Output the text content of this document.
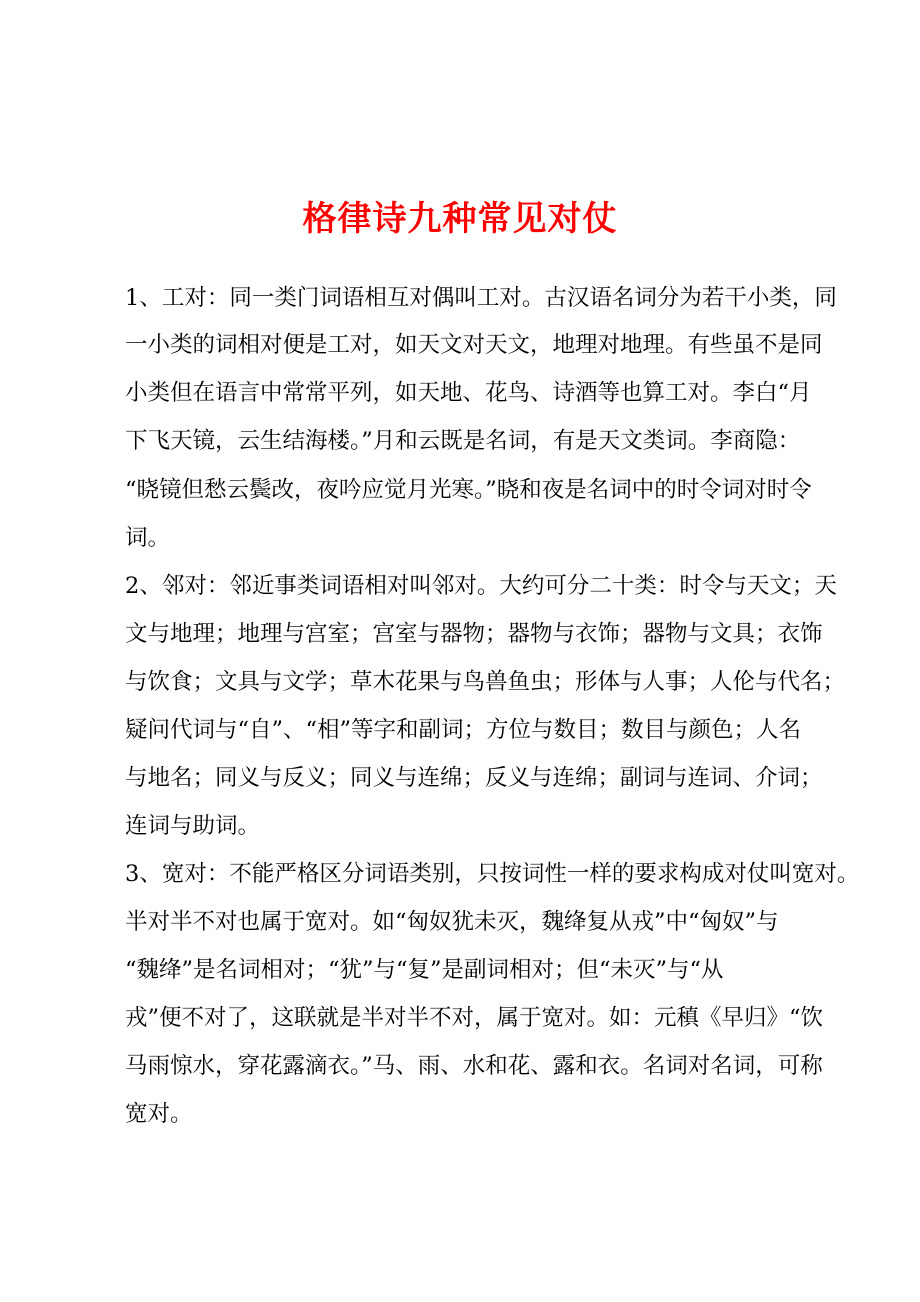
格律诗九种常见对仗
1、工对：同一类门词语相互对偶叫工对。古汉语名词分为若干小类，同
一小类的词相对便是工对，如天文对天文，地理对地理。有些虽不是同
小类但在语言中常常平列，如天地、花鸟、诗酒等也算工对。李白“月
下飞天镜，云生结海楼。”月和云既是名词，有是天文类词。李商隐：
“晓镜但愁云鬓改，夜吟应觉月光寒。”晓和夜是名词中的时令词对时令
词。
2、邻对：邻近事类词语相对叫邻对。大约可分二十类：时令与天文；天
文与地理；地理与宫室；宫室与器物；器物与衣饰；器物与文具；衣饰
与饮食；文具与文学；草木花果与鸟兽鱼虫；形体与人事；人伦与代名；
疑问代词与“自”、“相”等字和副词；方位与数目；数目与颜色；人名
与地名；同义与反义；同义与连绵；反义与连绵；副词与连词、介词；
连词与助词。
3、宽对：不能严格区分词语类别，只按词性一样的要求构成对仗叫宽对。
半对半不对也属于宽对。如“匈奴犹未灭，魏绛复从戎”中“匈奴”与
“魏绛”是名词相对；“犹”与“复”是副词相对；但“未灭”与“从
戎”便不对了，这联就是半对半不对，属于宽对。如：元稹《早归》“饮
马雨惊水，穿花露滴衣。”马、雨、水和花、露和衣。名词对名词，可称
宽对。
